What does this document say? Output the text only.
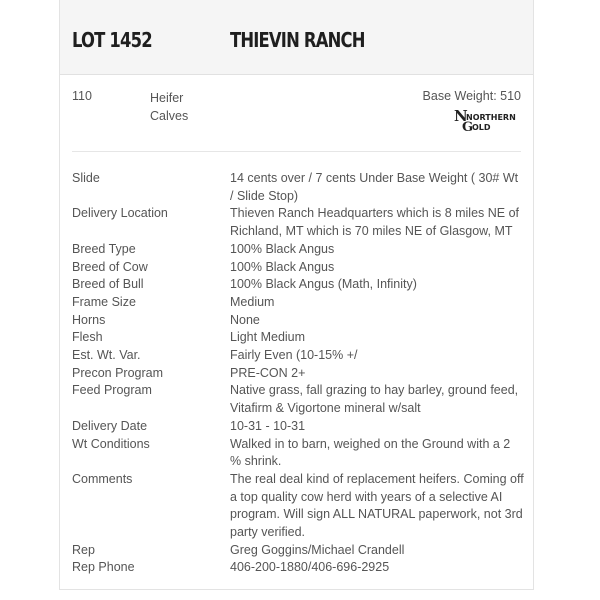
LOT 1452	THIEVIN RANCH
110	Heifer
Calves
Base Weight: 510
N
NORTHERN
G
OLD
Slide	14 cents over / 7 cents Under Base Weight ( 30# Wt / Slide Stop)
Delivery Location	Thieven Ranch Headquarters which is 8 miles NE of Richland, MT which is 70 miles NE of Glasgow, MT
Breed Type	100% Black Angus
Breed of Cow	100% Black Angus
Breed of Bull	100% Black Angus (Math, Infinity)
Frame Size	Medium
Horns	None
Flesh	Light Medium
Est. Wt. Var.	Fairly Even (10-15% +/
Precon Program	PRE-CON 2+
Feed Program	Native grass, fall grazing to hay barley, ground feed, Vitafirm & Vigortone mineral w/salt
Delivery Date	10-31 - 10-31
Wt Conditions	Walked in to barn, weighed on the Ground with a 2 % shrink.
Comments	The real deal kind of replacement heifers. Coming off a top quality cow herd with years of a selective AI program. Will sign ALL NATURAL paperwork, not 3rd party verified.
Rep	Greg Goggins/Michael Crandell
Rep Phone	406-200-1880/406-696-2925
